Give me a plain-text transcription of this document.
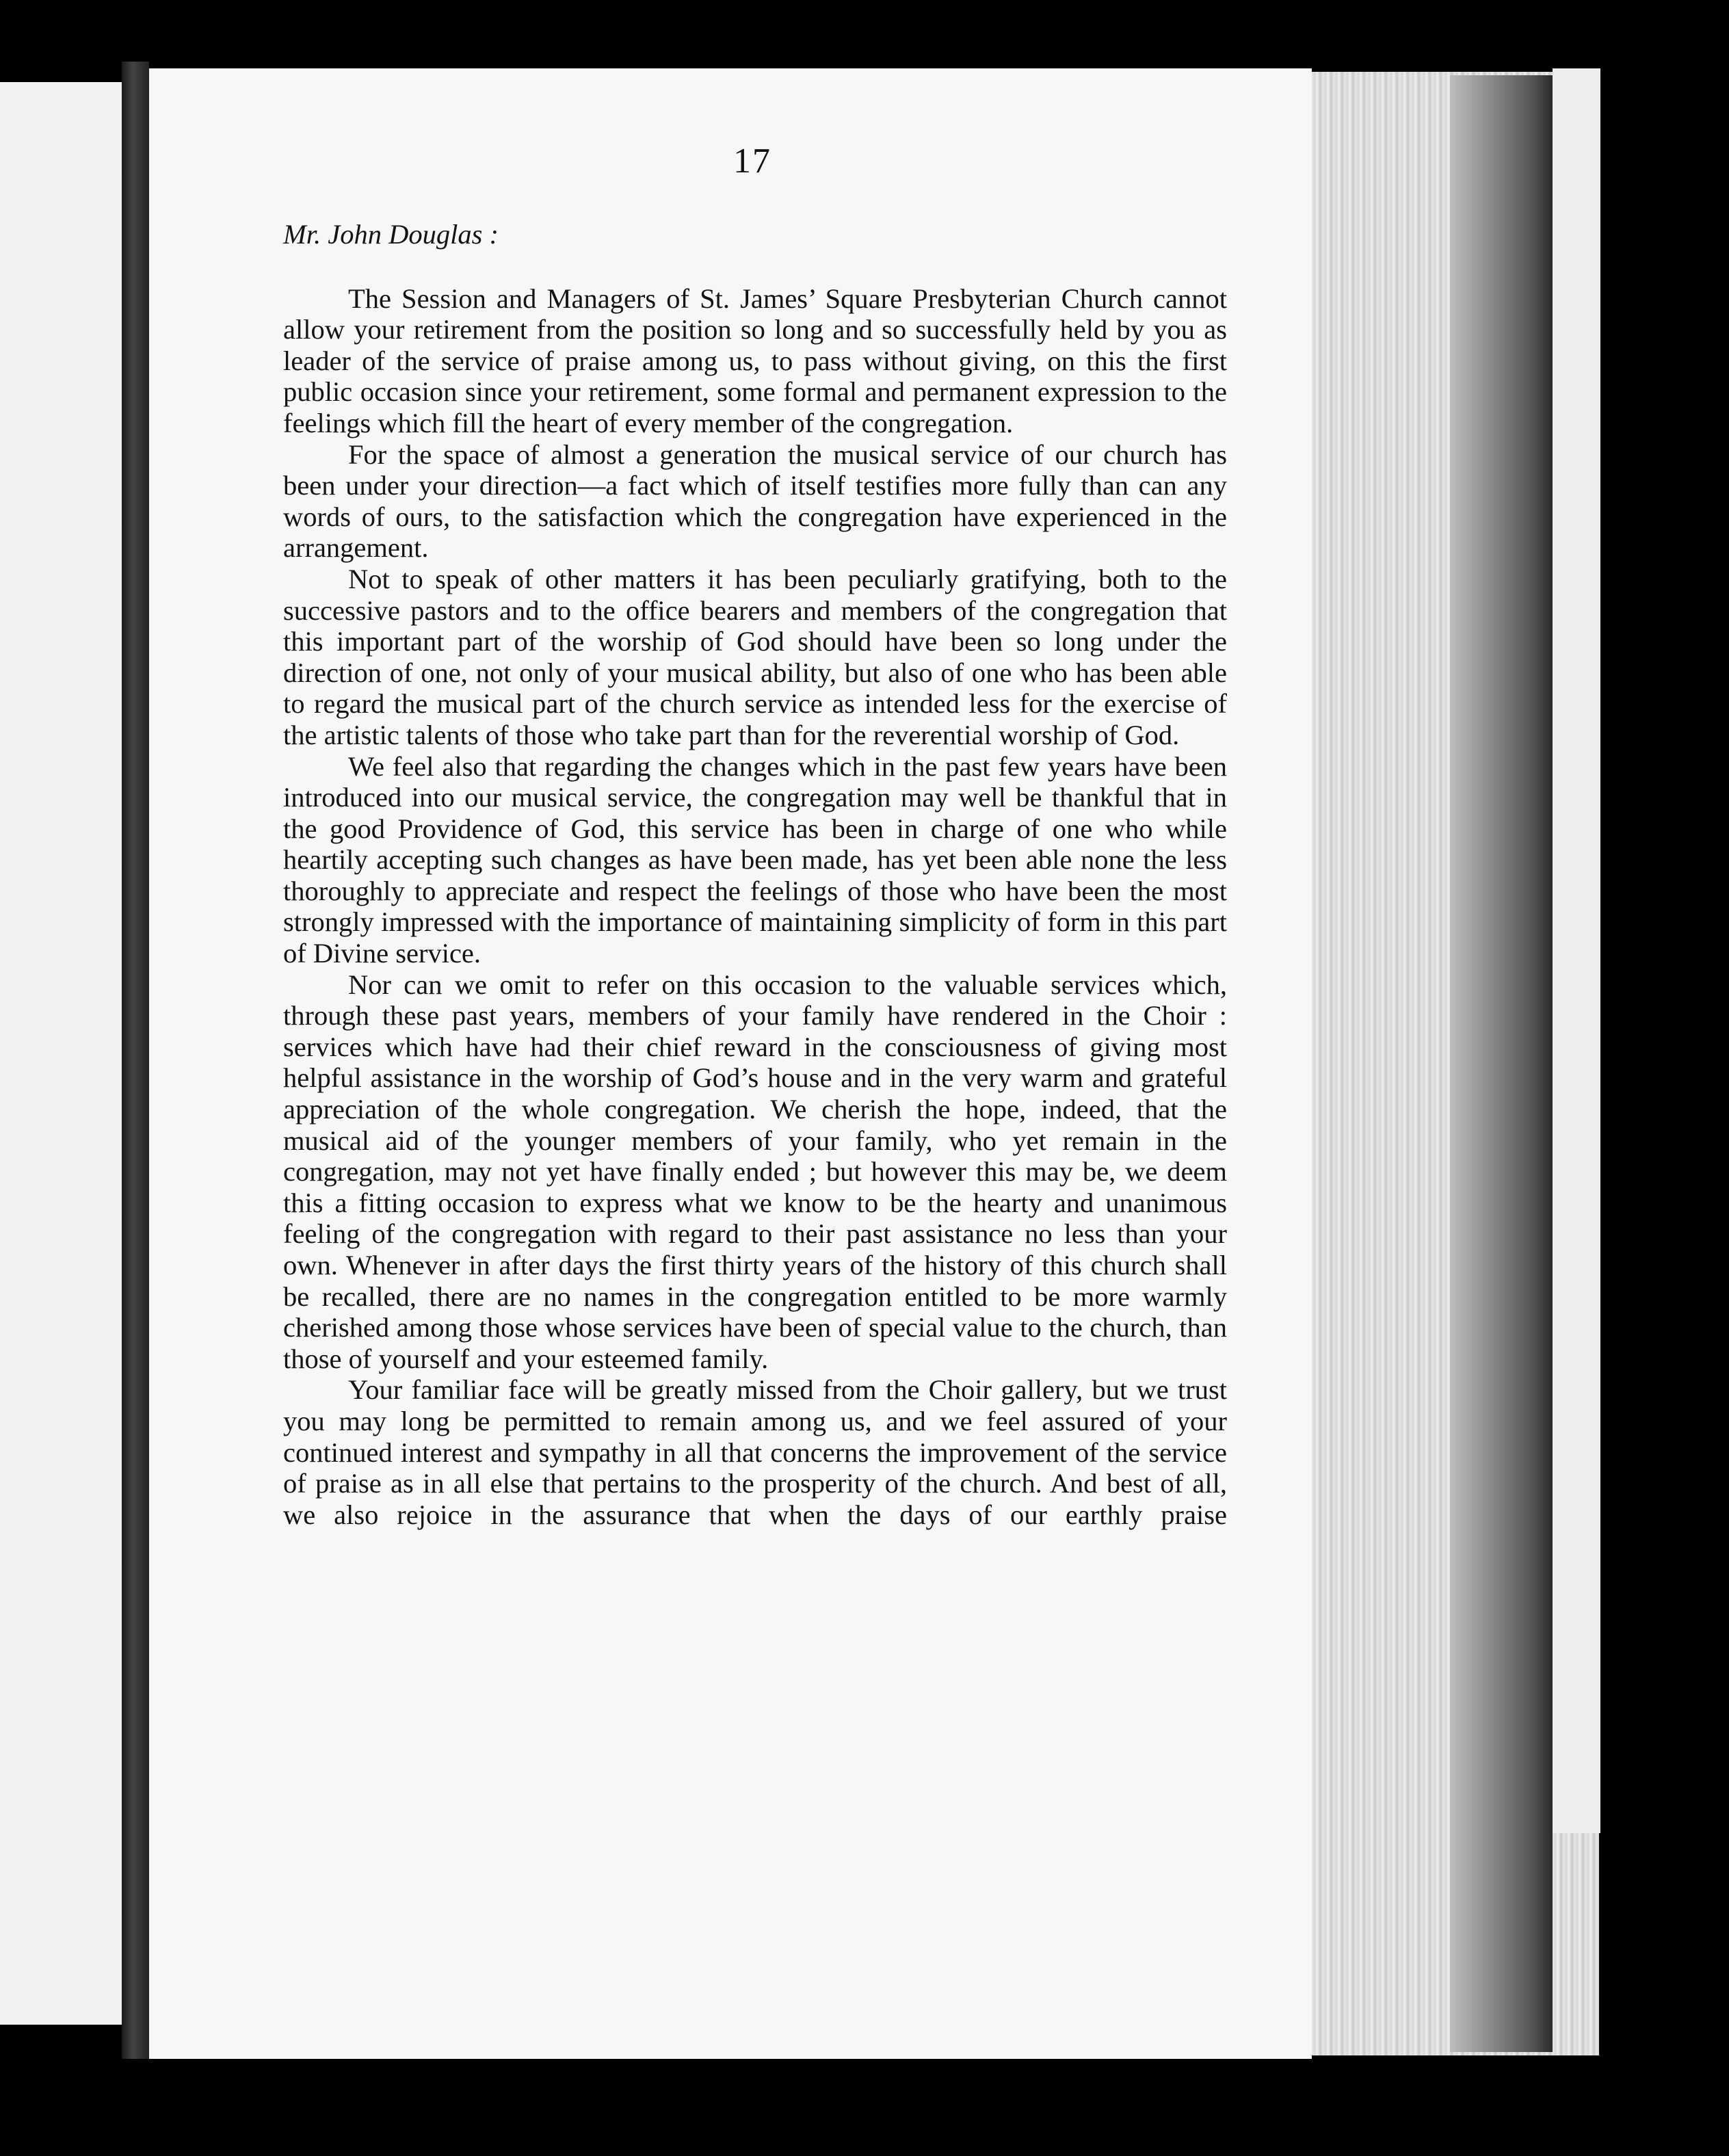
17

Mr. John Douglas :

The Session and Managers of St. James’ Square Presbyterian Church cannot allow your retirement from the position so long and so successfully held by you as leader of the service of praise among us, to pass without giving, on this the first public occasion since your retirement, some formal and permanent expression to the feelings which fill the heart of every member of the congregation.

For the space of almost a generation the musical service of our church has been under your direction—a fact which of itself testifies more fully than can any words of ours, to the satisfaction which the congregation have experienced in the arrangement.

Not to speak of other matters it has been peculiarly gratifying, both to the successive pastors and to the office bearers and members of the congregation that this important part of the worship of God should have been so long under the direction of one, not only of your musical ability, but also of one who has been able to regard the musical part of the church service as intended less for the exercise of the artistic talents of those who take part than for the reverential worship of God.

We feel also that regarding the changes which in the past few years have been introduced into our musical service, the congregation may well be thankful that in the good Providence of God, this service has been in charge of one who while heartily accepting such changes as have been made, has yet been able none the less thoroughly to appreciate and respect the feelings of those who have been the most strongly impressed with the importance of maintaining simplicity of form in this part of Divine service.

Nor can we omit to refer on this occasion to the valuable services which, through these past years, members of your family have rendered in the Choir : services which have had their chief reward in the consciousness of giving most helpful assistance in the worship of God’s house and in the very warm and grateful appreciation of the whole congregation. We cherish the hope, indeed, that the musical aid of the younger members of your family, who yet remain in the congregation, may not yet have finally ended ; but however this may be, we deem this a fitting occasion to express what we know to be the hearty and unanimous feeling of the congregation with regard to their past assistance no less than your own. Whenever in after days the first thirty years of the history of this church shall be recalled, there are no names in the congregation entitled to be more warmly cherished among those whose services have been of special value to the church, than those of yourself and your esteemed family.

Your familiar face will be greatly missed from the Choir gallery, but we trust you may long be permitted to remain among us, and we feel assured of your continued interest and sympathy in all that concerns the improvement of the service of praise as in all else that pertains to the prosperity of the church. And best of all, we also rejoice in the assurance that when the days of our earthly praise
